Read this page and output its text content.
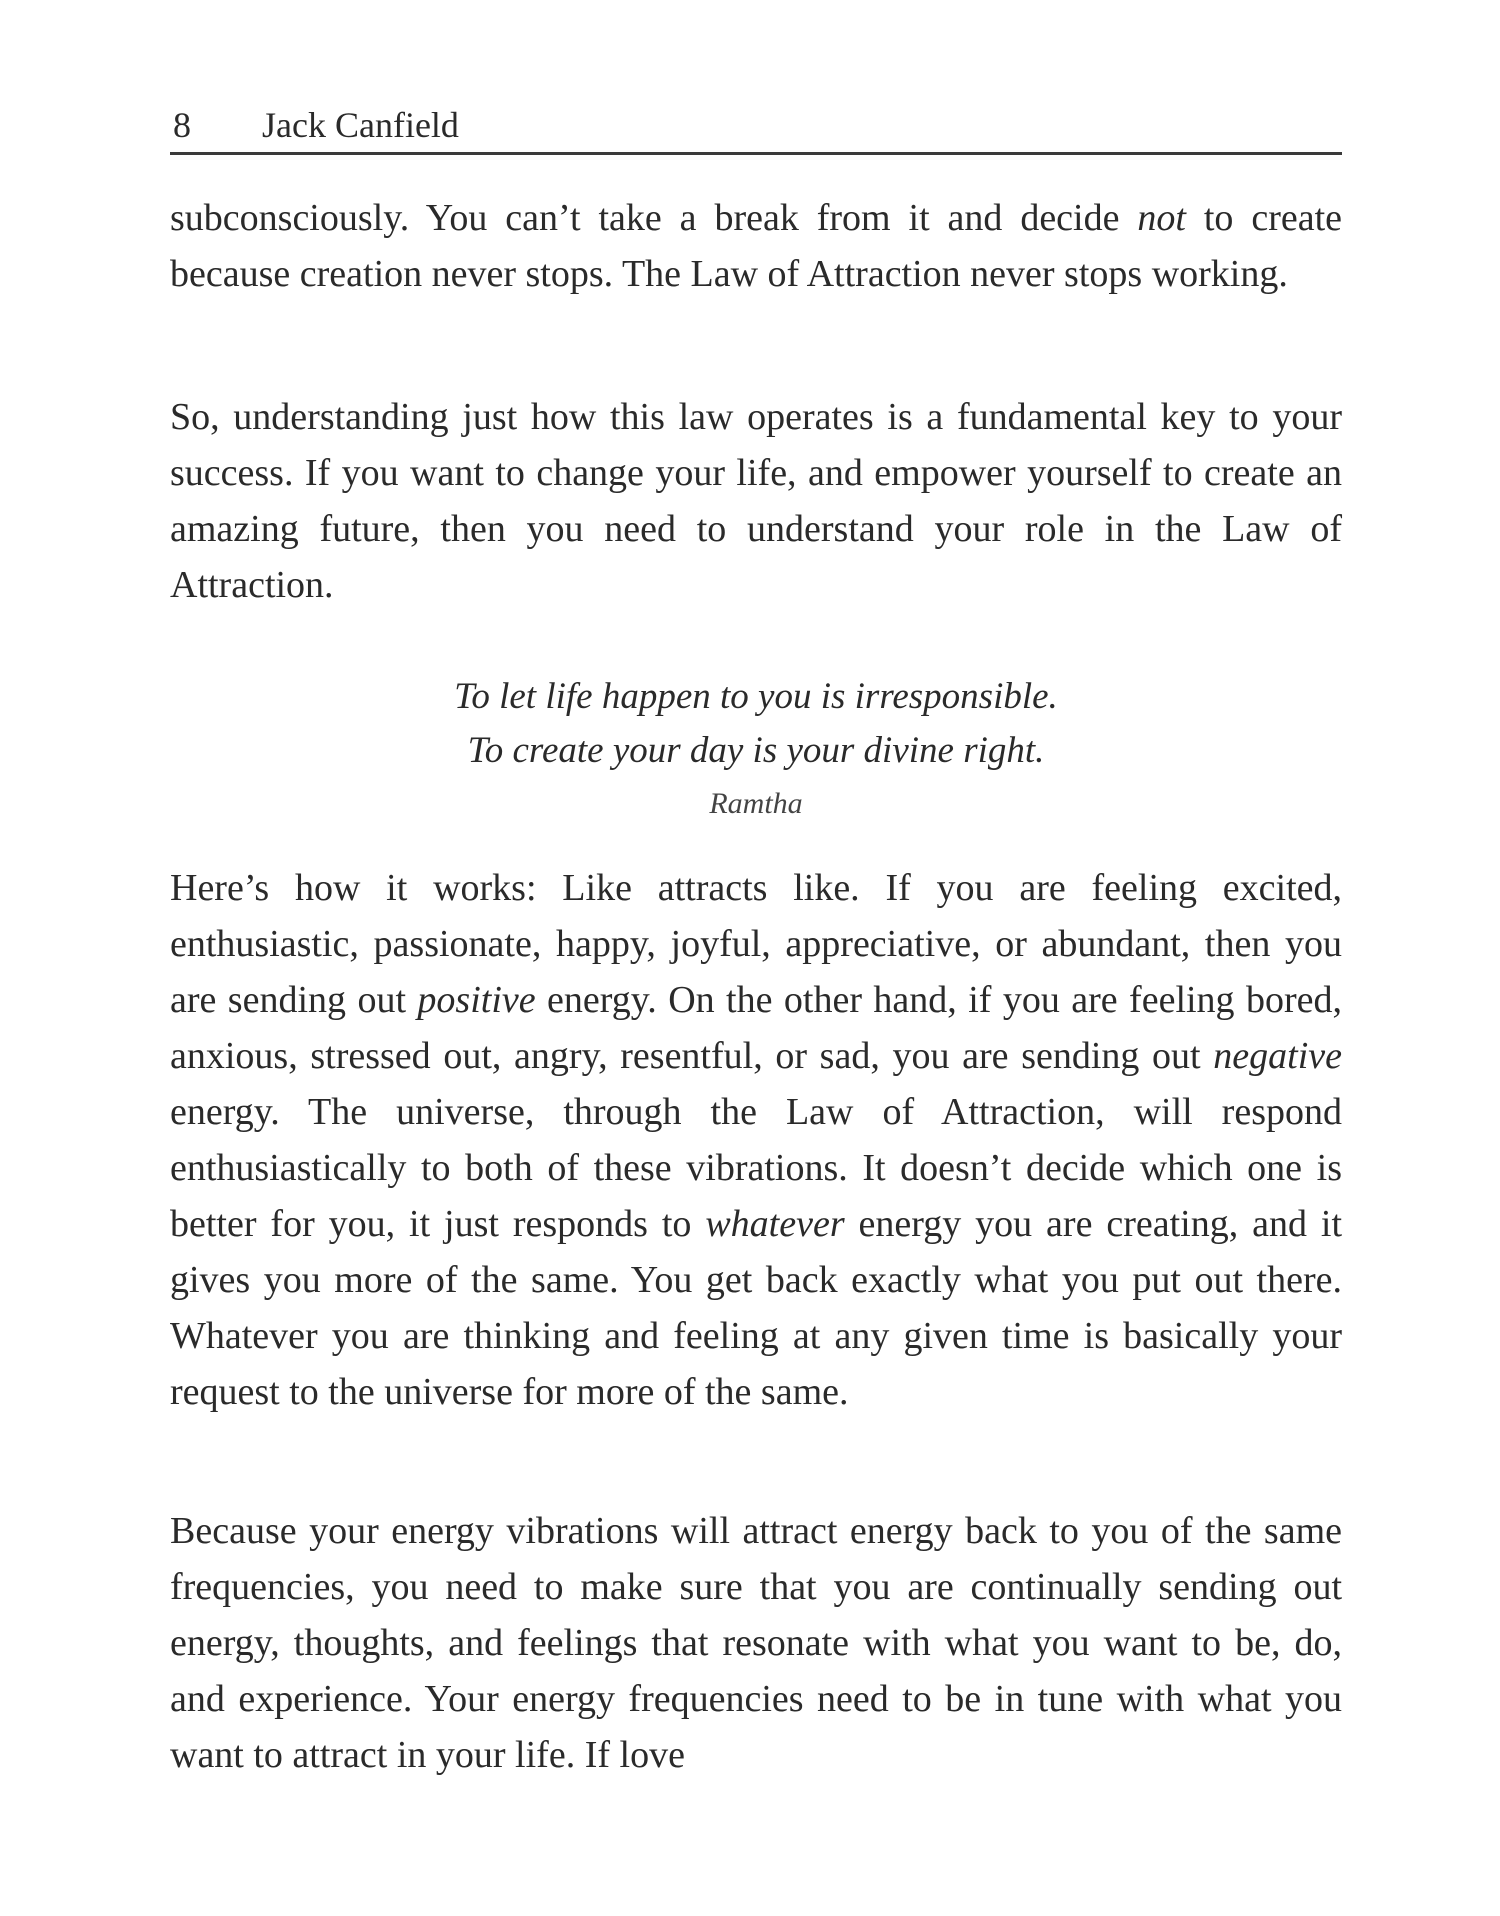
8 Jack Canfield

subconsciously. You can’t take a break from it and decide not to create because creation never stops. The Law of Attraction never stops working.

So, understanding just how this law operates is a fundamental key to your success. If you want to change your life, and empower yourself to create an amazing future, then you need to understand your role in the Law of Attraction.

To let life happen to you is irresponsible.
To create your day is your divine right.
Ramtha

Here’s how it works: Like attracts like. If you are feeling excited, enthusiastic, passionate, happy, joyful, appreciative, or abundant, then you are sending out positive energy. On the other hand, if you are feeling bored, anxious, stressed out, angry, resentful, or sad, you are sending out negative energy. The universe, through the Law of Attraction, will respond enthusiastically to both of these vibrations. It doesn’t decide which one is better for you, it just responds to whatever energy you are creating, and it gives you more of the same. You get back exactly what you put out there. Whatever you are thinking and feeling at any given time is basically your request to the universe for more of the same.

Because your energy vibrations will attract energy back to you of the same frequencies, you need to make sure that you are continually sending out energy, thoughts, and feelings that resonate with what you want to be, do, and experience. Your energy frequencies need to be in tune with what you want to attract in your life. If love
